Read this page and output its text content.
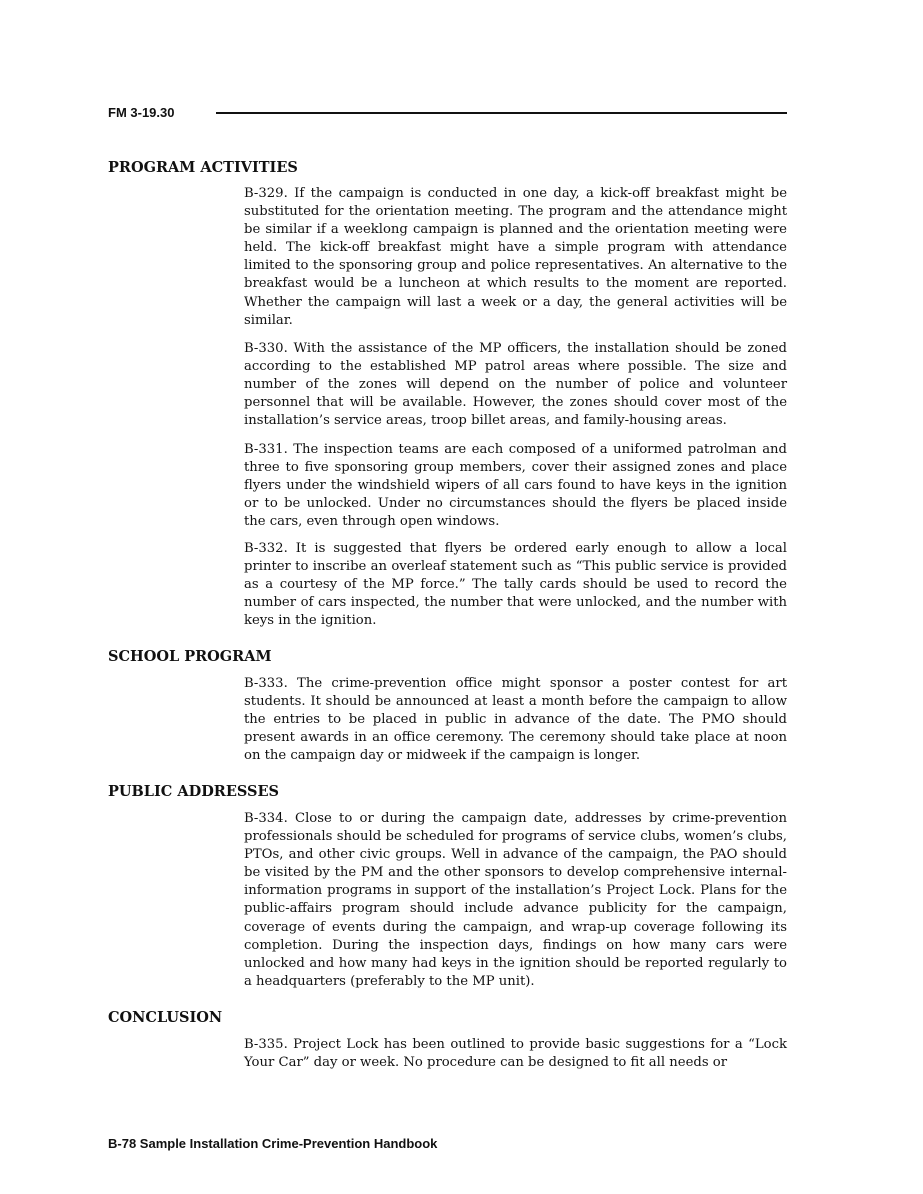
FM 3-19.30
PROGRAM ACTIVITIES

B-329. If the campaign is conducted in one day, a kick-off breakfast might be substituted for the orientation meeting. The program and the attendance might be similar if a weeklong campaign is planned and the orientation meeting were held. The kick-off breakfast might have a simple program with attendance limited to the sponsoring group and police representatives. An alternative to the breakfast would be a luncheon at which results to the moment are reported. Whether the campaign will last a week or a day, the general activities will be similar.

B-330. With the assistance of the MP officers, the installation should be zoned according to the established MP patrol areas where possible. The size and number of the zones will depend on the number of police and volunteer personnel that will be available. However, the zones should cover most of the installation’s service areas, troop billet areas, and family-housing areas.

B-331. The inspection teams are each composed of a uniformed patrolman and three to five sponsoring group members, cover their assigned zones and place flyers under the windshield wipers of all cars found to have keys in the ignition or to be unlocked. Under no circumstances should the flyers be placed inside the cars, even through open windows.

B-332. It is suggested that flyers be ordered early enough to allow a local printer to inscribe an overleaf statement such as “This public service is provided as a courtesy of the MP force.” The tally cards should be used to record the number of cars inspected, the number that were unlocked, and the number with keys in the ignition.

SCHOOL PROGRAM

B-333. The crime-prevention office might sponsor a poster contest for art students. It should be announced at least a month before the campaign to allow the entries to be placed in public in advance of the date. The PMO should present awards in an office ceremony. The ceremony should take place at noon on the campaign day or midweek if the campaign is longer.

PUBLIC ADDRESSES

B-334. Close to or during the campaign date, addresses by crime-prevention professionals should be scheduled for programs of service clubs, women’s clubs, PTOs, and other civic groups. Well in advance of the campaign, the PAO should be visited by the PM and the other sponsors to develop comprehensive internal-information programs in support of the installation’s Project Lock. Plans for the public-affairs program should include advance publicity for the campaign, coverage of events during the campaign, and wrap-up coverage following its completion. During the inspection days, findings on how many cars were unlocked and how many had keys in the ignition should be reported regularly to a headquarters (preferably to the MP unit).

CONCLUSION

B-335. Project Lock has been outlined to provide basic suggestions for a “Lock Your Car” day or week. No procedure can be designed to fit all needs or

B-78 Sample Installation Crime-Prevention Handbook
